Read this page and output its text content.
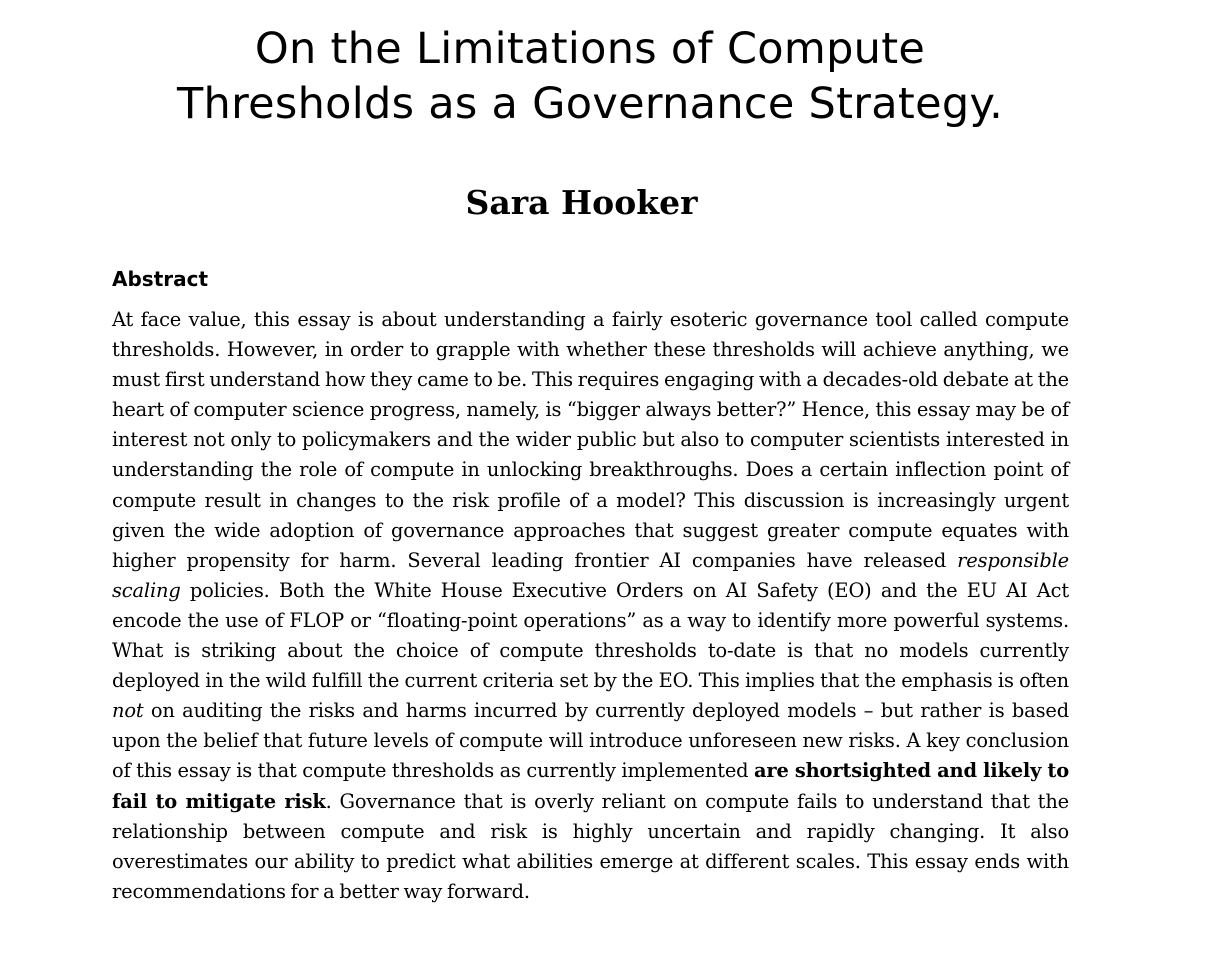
On the Limitations of Compute
Thresholds as a Governance Strategy.
Sara Hooker
Abstract

At face value, this essay is about understanding a fairly esoteric governance tool called compute thresholds. However, in order to grapple with whether these thresholds will achieve anything, we must first understand how they came to be. This requires engaging with a decades-old debate at the heart of computer science progress, namely, is “bigger always better?” Hence, this essay may be of interest not only to policymakers and the wider public but also to computer scientists interested in understanding the role of compute in unlocking breakthroughs. Does a certain inflection point of compute result in changes to the risk profile of a model? This discussion is increasingly urgent given the wide adoption of governance approaches that suggest greater compute equates with higher propensity for harm. Several leading frontier AI companies have released responsible scaling policies. Both the White House Executive Orders on AI Safety (EO) and the EU AI Act encode the use of FLOP or “floating-point operations” as a way to identify more powerful systems. What is striking about the choice of compute thresholds to-date is that no models currently deployed in the wild fulfill the current criteria set by the EO. This implies that the emphasis is often not on auditing the risks and harms incurred by currently deployed models – but rather is based upon the belief that future levels of compute will introduce unforeseen new risks. A key conclusion of this essay is that compute thresholds as currently implemented are shortsighted and likely to fail to mitigate risk. Governance that is overly reliant on compute fails to understand that the relationship between compute and risk is highly uncertain and rapidly changing. It also overestimates our ability to predict what abilities emerge at different scales. This essay ends with recommendations for a better way forward.
